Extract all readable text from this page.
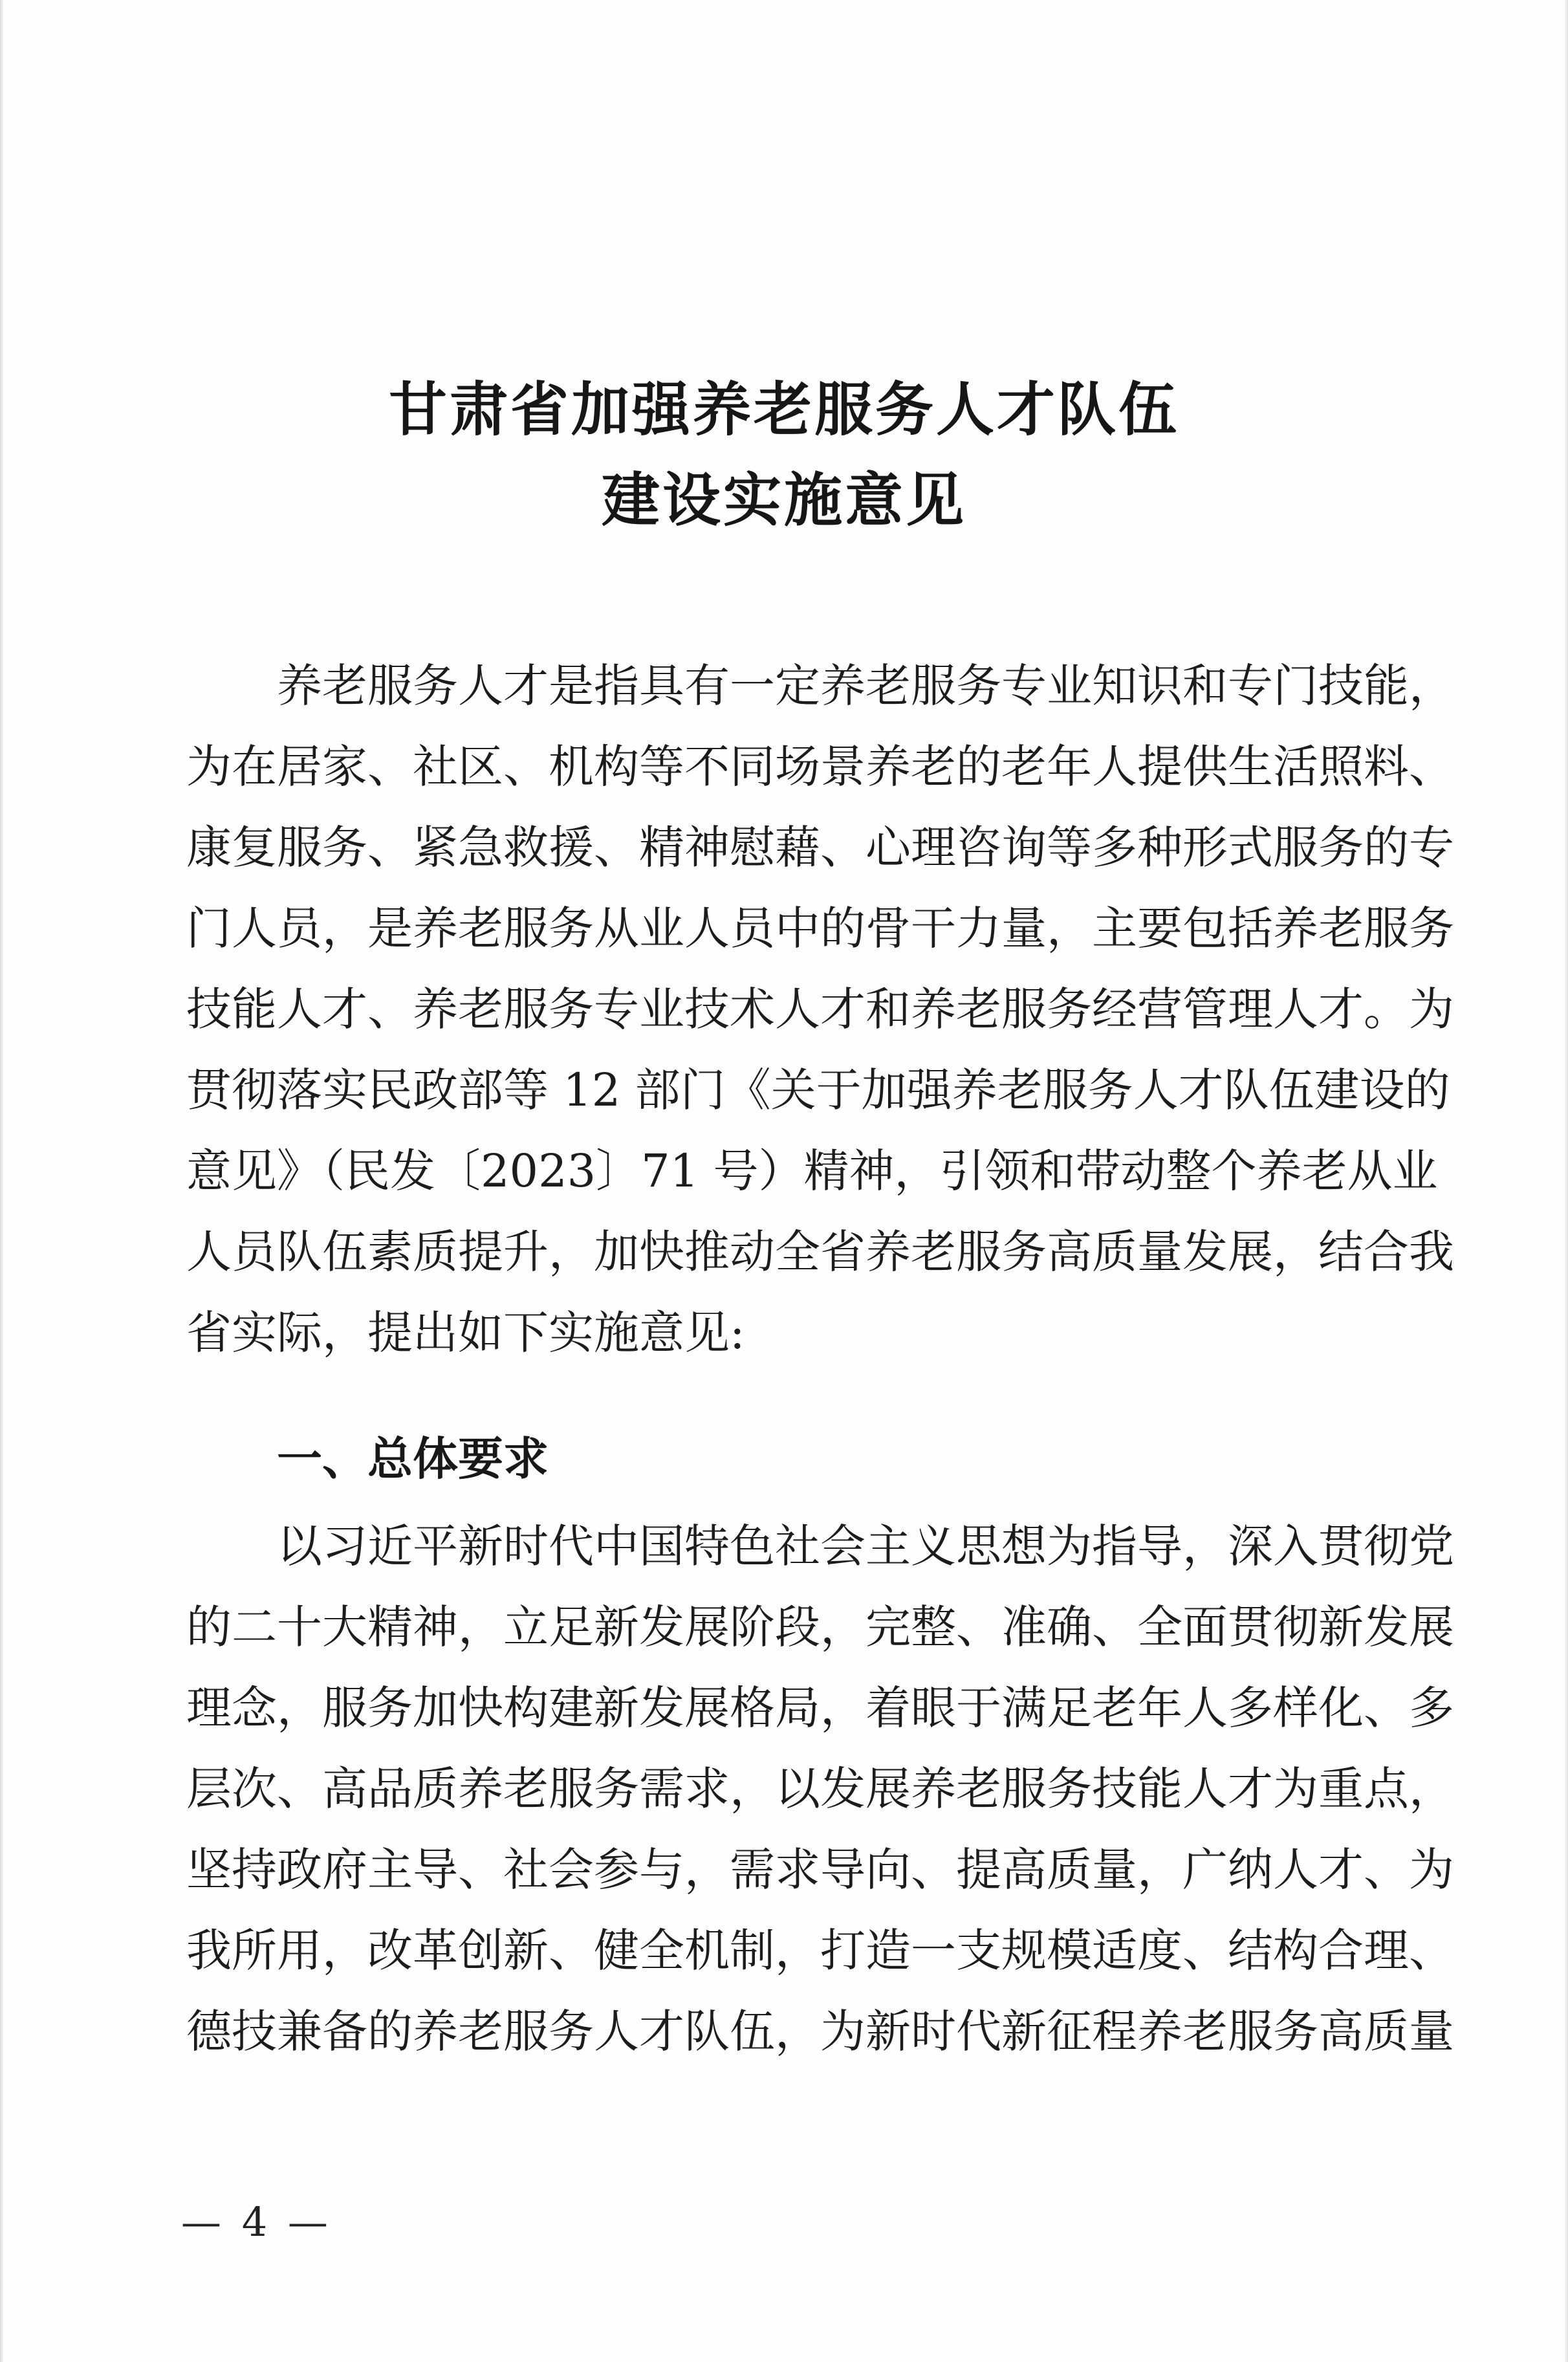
甘肃省加强养老服务人才队伍
建设实施意见
养老服务人才是指具有一定养老服务专业知识和专门技能，
为在居家、社区、机构等不同场景养老的老年人提供生活照料、
康复服务、紧急救援、精神慰藉、心理咨询等多种形式服务的专
门人员，是养老服务从业人员中的骨干力量，主要包括养老服务
技能人才、养老服务专业技术人才和养老服务经营管理人才。为
贯彻落实民政部等 12 部门《关于加强养老服务人才队伍建设的
意见》（民发〔2023〕71 号）精神，引领和带动整个养老从业
人员队伍素质提升，加快推动全省养老服务高质量发展，结合我
省实际，提出如下实施意见:
一、总体要求
以习近平新时代中国特色社会主义思想为指导，深入贯彻党
的二十大精神，立足新发展阶段，完整、准确、全面贯彻新发展
理念，服务加快构建新发展格局，着眼于满足老年人多样化、多
层次、高品质养老服务需求，以发展养老服务技能人才为重点，
坚持政府主导、社会参与，需求导向、提高质量，广纳人才、为
我所用，改革创新、健全机制，打造一支规模适度、结构合理、
德技兼备的养老服务人才队伍，为新时代新征程养老服务高质量
— 4 —
